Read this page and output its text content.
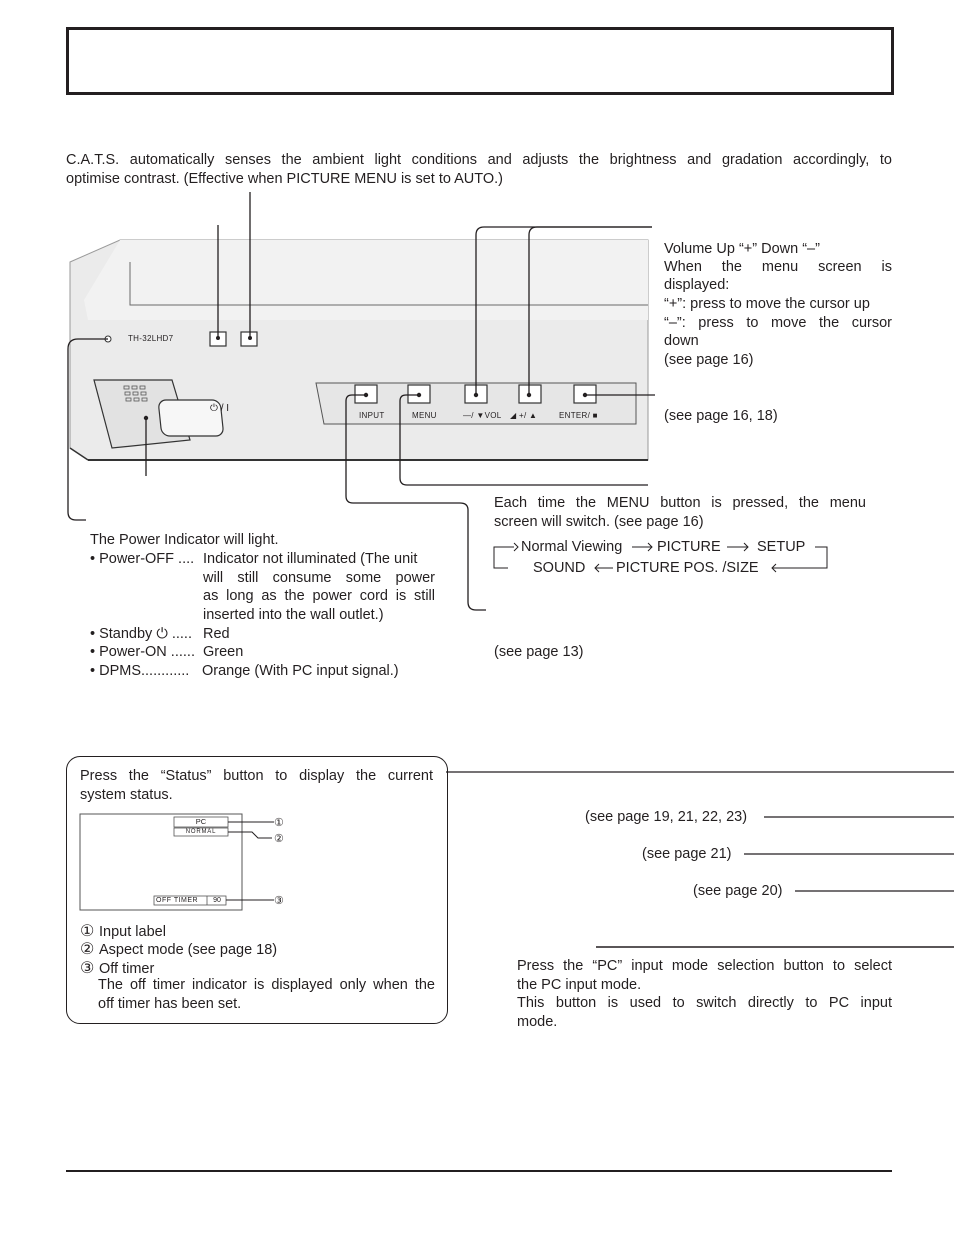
C.A.T.S. automatically senses the ambient light conditions and adjusts the brightness and gradation accordingly, to
optimise contrast. (Effective when PICTURE MENU is set to AUTO.)
TH-32LHD7
⏻ / I
INPUT	MENU	—/ ▼VOL ◢ +/ ▲	ENTER/ ■
Volume Up “+” Down “–”
When the menu screen is
displayed:
“+”: press to move the cursor up
“–”: press to move the cursor
down
(see page 16)
(see page 16, 18)
Each time the MENU button is pressed, the menu
screen will switch. (see page 16)
Normal Viewing PICTURE	SETUP
SOUND PICTURE POS. /SIZE
(see page 13)
The Power Indicator will light.
• Power-OFF .... Indicator not illuminated (The unit
will still consume some power
as long as the power cord is still
inserted into the wall outlet.)
• Standby ⏻ ..... Red
• Power-ON ...... Green
• DPMS............ Orange (With PC input signal.)
Press the “Status” button to display the current
system status.
PC
NORMAL
OFF TIMER	90
①
②
③
① Input label
② Aspect mode (see page 18)
③ Off timer
The off timer indicator is displayed only when the
off timer has been set.
(see page 19, 21, 22, 23)
(see page 21)
(see page 20)
Press the “PC” input mode selection button to select
the PC input mode.
This button is used to switch directly to PC input
mode.
